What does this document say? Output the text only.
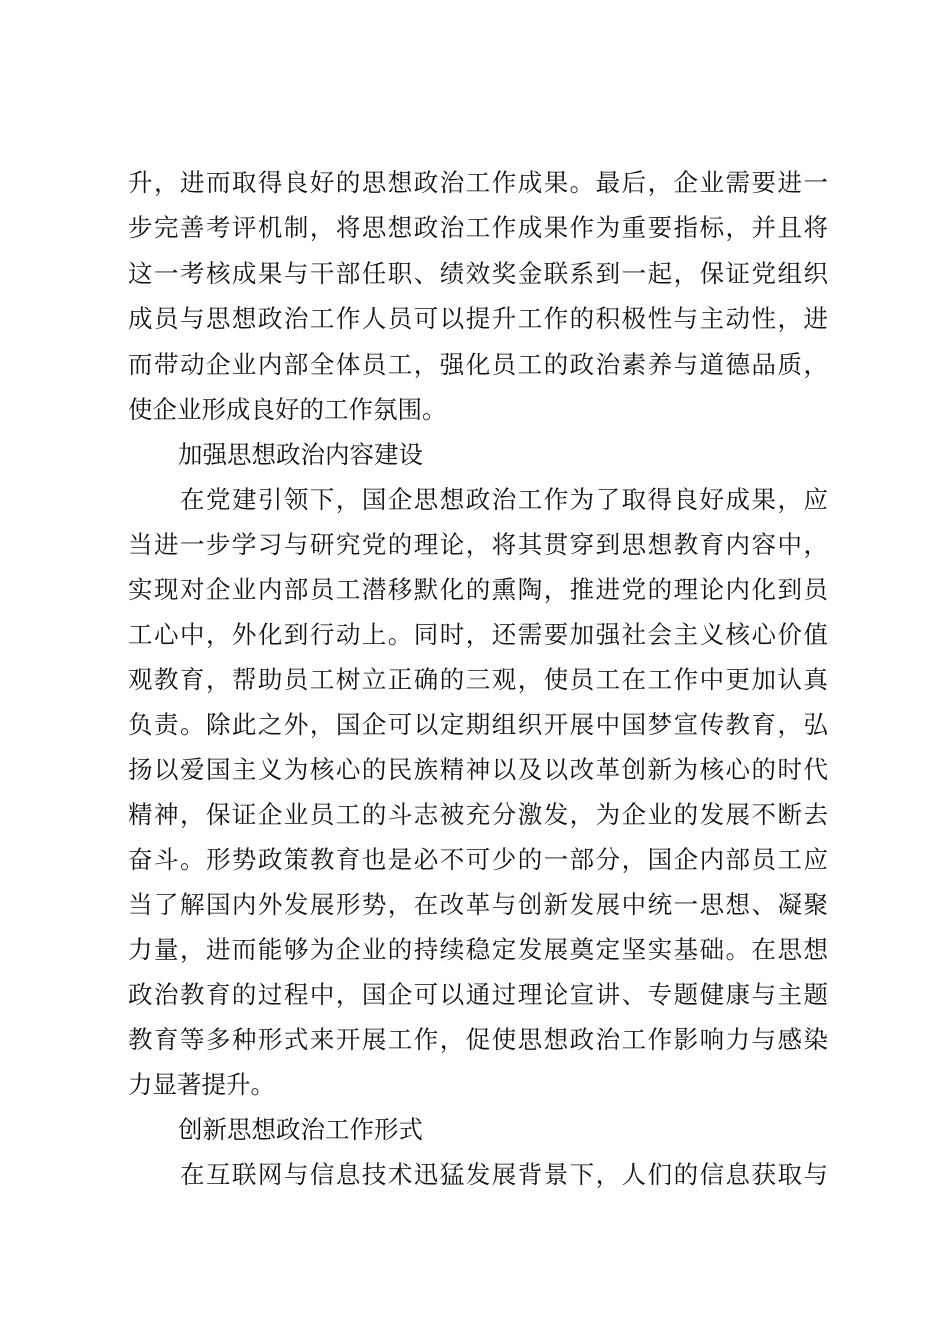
升，进而取得良好的思想政治工作成果。最后，企业需要进一
步完善考评机制，将思想政治工作成果作为重要指标，并且将
这一考核成果与干部任职、绩效奖金联系到一起，保证党组织
成员与思想政治工作人员可以提升工作的积极性与主动性，进
而带动企业内部全体员工，强化员工的政治素养与道德品质，
使企业形成良好的工作氛围。
加强思想政治内容建设
在党建引领下，国企思想政治工作为了取得良好成果，应
当进一步学习与研究党的理论，将其贯穿到思想教育内容中，
实现对企业内部员工潜移默化的熏陶，推进党的理论内化到员
工心中，外化到行动上。同时，还需要加强社会主义核心价值
观教育，帮助员工树立正确的三观，使员工在工作中更加认真
负责。除此之外，国企可以定期组织开展中国梦宣传教育，弘
扬以爱国主义为核心的民族精神以及以改革创新为核心的时代
精神，保证企业员工的斗志被充分激发，为企业的发展不断去
奋斗。形势政策教育也是必不可少的一部分，国企内部员工应
当了解国内外发展形势，在改革与创新发展中统一思想、凝聚
力量，进而能够为企业的持续稳定发展奠定坚实基础。在思想
政治教育的过程中，国企可以通过理论宣讲、专题健康与主题
教育等多种形式来开展工作，促使思想政治工作影响力与感染
力显著提升。
创新思想政治工作形式
在互联网与信息技术迅猛发展背景下，人们的信息获取与
